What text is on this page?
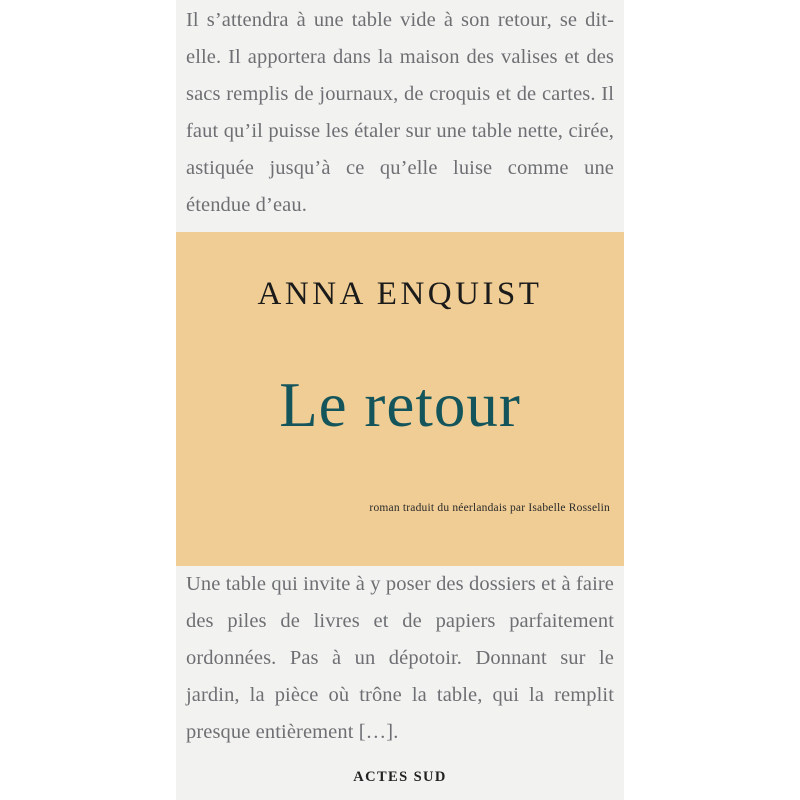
Il s’attendra à une table vide à son retour, se dit-elle. Il apportera dans la maison des valises et des sacs remplis de journaux, de croquis et de cartes. Il faut qu’il puisse les étaler sur une table nette, cirée, astiquée jusqu’à ce qu’elle luise comme une étendue d’eau.

ANNA ENQUIST
Le retour
roman traduit du néerlandais par Isabelle Rosselin

Une table qui invite à y poser des dossiers et à faire des piles de livres et de papiers parfaitement ordonnées. Pas à un dépotoir. Donnant sur le jardin, la pièce où trône la table, qui la remplit presque entièrement […].

ACTES SUD
